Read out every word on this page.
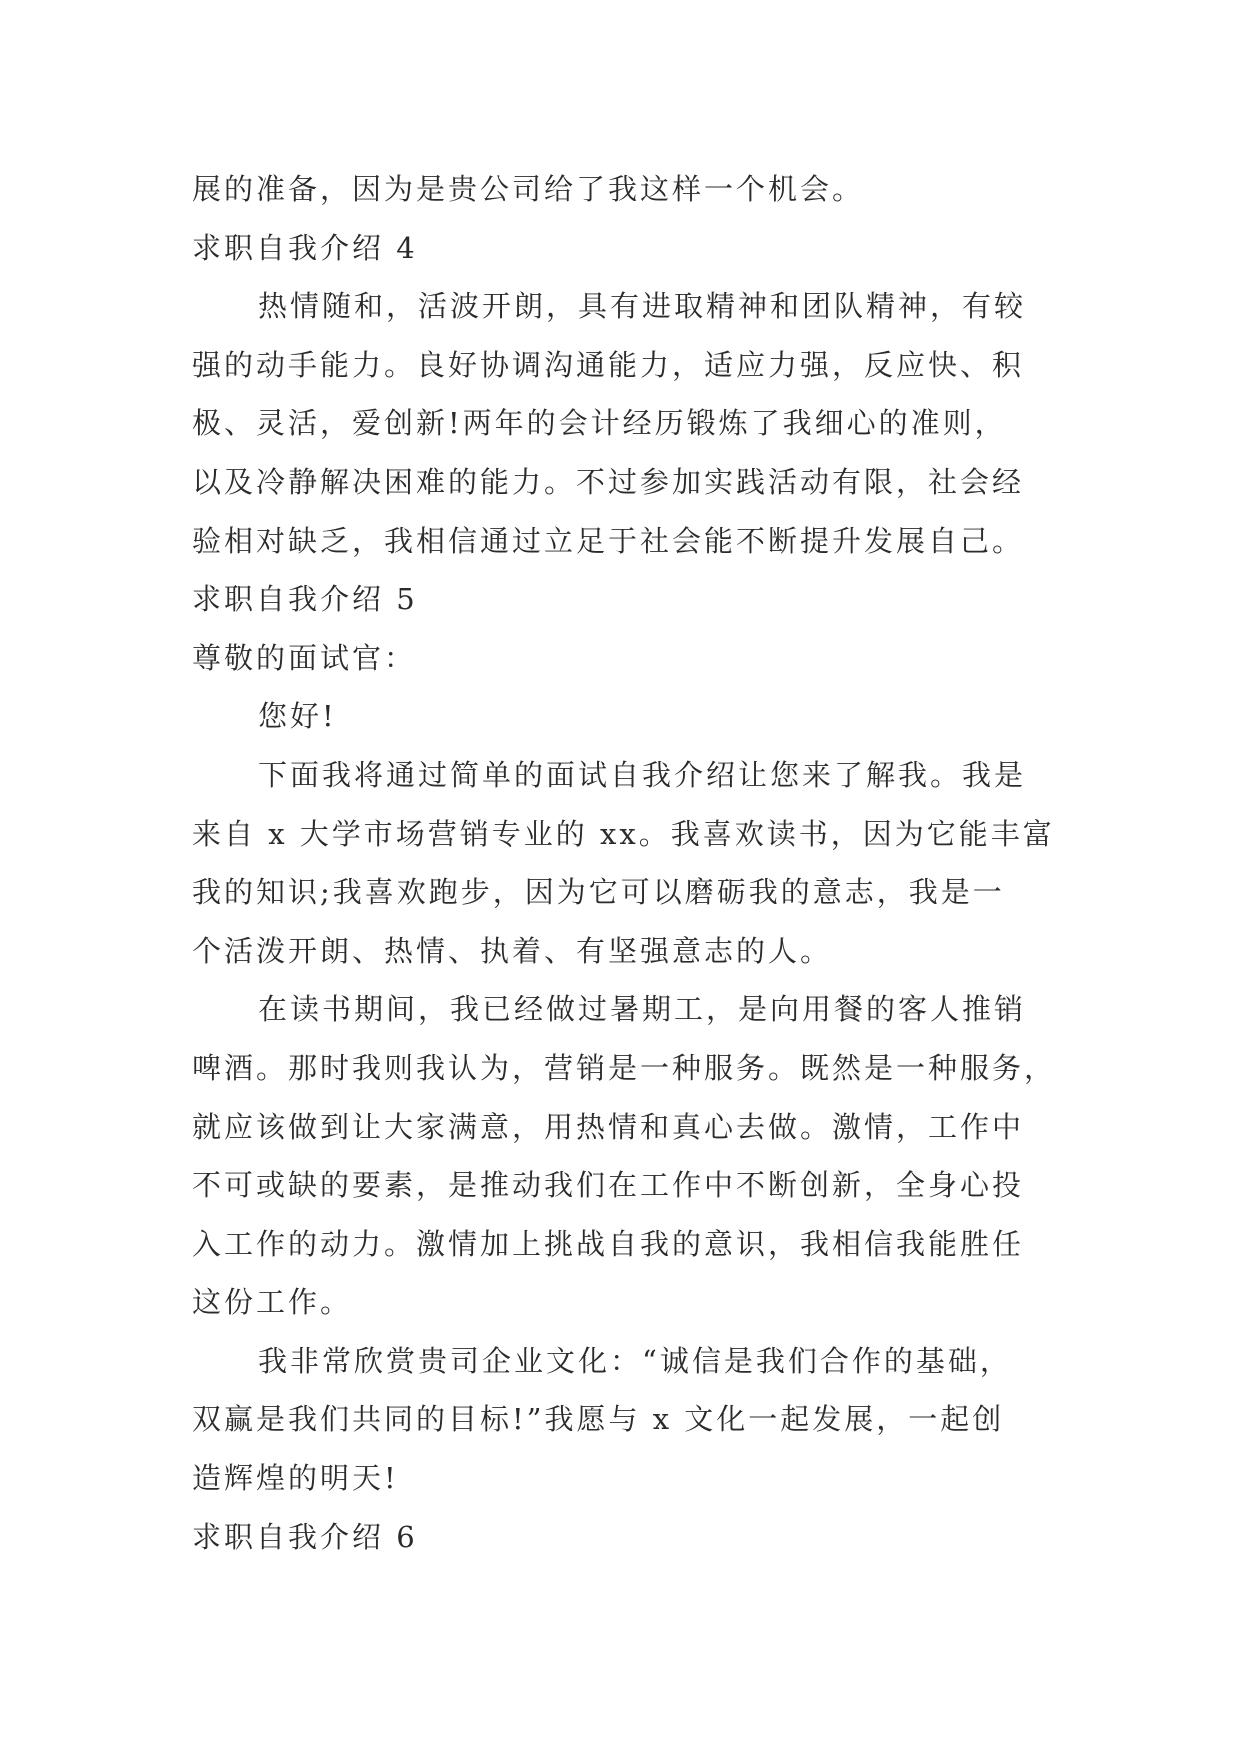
展的准备，因为是贵公司给了我这样一个机会。
求职自我介绍 4
热情随和，活波开朗，具有进取精神和团队精神，有较
强的动手能力。良好协调沟通能力，适应力强，反应快、积
极、灵活，爱创新!两年的会计经历锻炼了我细心的准则，
以及冷静解决困难的能力。不过参加实践活动有限，社会经
验相对缺乏，我相信通过立足于社会能不断提升发展自己。
求职自我介绍 5
尊敬的面试官：
您好!
下面我将通过简单的面试自我介绍让您来了解我。我是
来自 x 大学市场营销专业的 xx。我喜欢读书，因为它能丰富
我的知识;我喜欢跑步，因为它可以磨砺我的意志，我是一
个活泼开朗、热情、执着、有坚强意志的人。
在读书期间，我已经做过暑期工，是向用餐的客人推销
啤酒。那时我则我认为，营销是一种服务。既然是一种服务，
就应该做到让大家满意，用热情和真心去做。激情，工作中
不可或缺的要素，是推动我们在工作中不断创新，全身心投
入工作的动力。激情加上挑战自我的意识，我相信我能胜任
这份工作。
我非常欣赏贵司企业文化：“诚信是我们合作的基础，
双赢是我们共同的目标!”我愿与 x 文化一起发展，一起创
造辉煌的明天!
求职自我介绍 6
